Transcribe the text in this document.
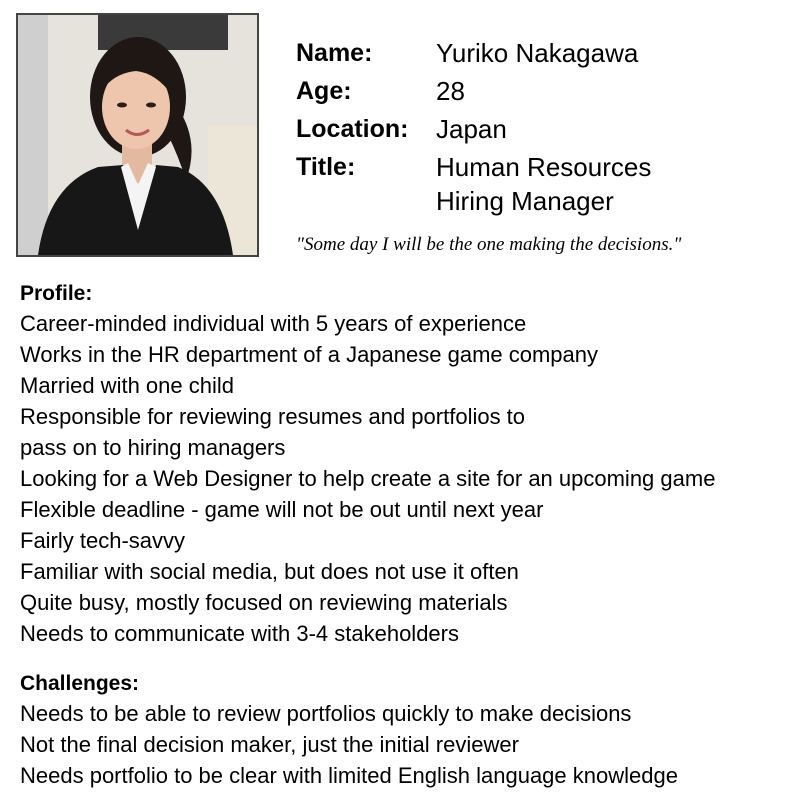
Name:	Yuriko Nakagawa
Age:	28
Location:	Japan
Title:	Human Resources
Hiring Manager
"Some day I will be the one making the decisions."
Profile:
Career-minded individual with 5 years of experience
Works in the HR department of a Japanese game company
Married with one child
Responsible for reviewing resumes and portfolios to
pass on to hiring managers
Looking for a Web Designer to help create a site for an upcoming game
Flexible deadline - game will not be out until next year
Fairly tech-savvy
Familiar with social media, but does not use it often
Quite busy, mostly focused on reviewing materials
Needs to communicate with 3-4 stakeholders
Challenges:
Needs to be able to review portfolios quickly to make decisions
Not the final decision maker, just the initial reviewer
Needs portfolio to be clear with limited English language knowledge
